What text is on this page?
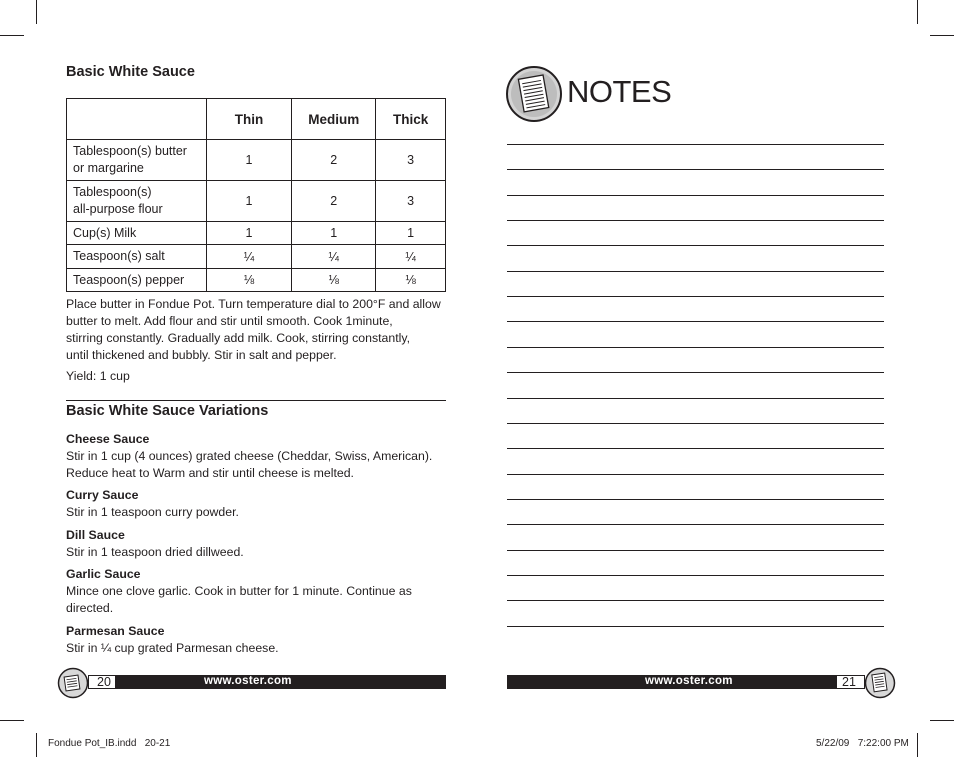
Basic White Sauce
	Thin	Medium	Thick
Tablespoon(s) butter
or margarine	1	2	3
Tablespoon(s)
all-purpose flour	1	2	3
Cup(s) Milk	1	1	1
Teaspoon(s) salt	¼	¼	¼
Teaspoon(s) pepper	⅛	⅛	⅛
Place butter in Fondue Pot. Turn temperature dial to 200°F and allow
butter to melt. Add flour and stir until smooth. Cook 1minute,
stirring constantly. Gradually add milk. Cook, stirring constantly,
until thickened and bubbly. Stir in salt and pepper.
Yield: 1 cup
Basic White Sauce Variations
Cheese Sauce
Stir in 1 cup (4 ounces) grated cheese (Cheddar, Swiss, American).
Reduce heat to Warm and stir until cheese is melted.
Curry Sauce
Stir in 1 teaspoon curry powder.
Dill Sauce
Stir in 1 teaspoon dried dillweed.
Garlic Sauce
Mince one clove garlic. Cook in butter for 1 minute. Continue as
directed.
Parmesan Sauce
Stir in ¼ cup grated Parmesan cheese.
20	www.oster.com
NOTES
www.oster.com	21
Fondue Pot_IB.indd   20-21	5/22/09   7:22:00 PM
